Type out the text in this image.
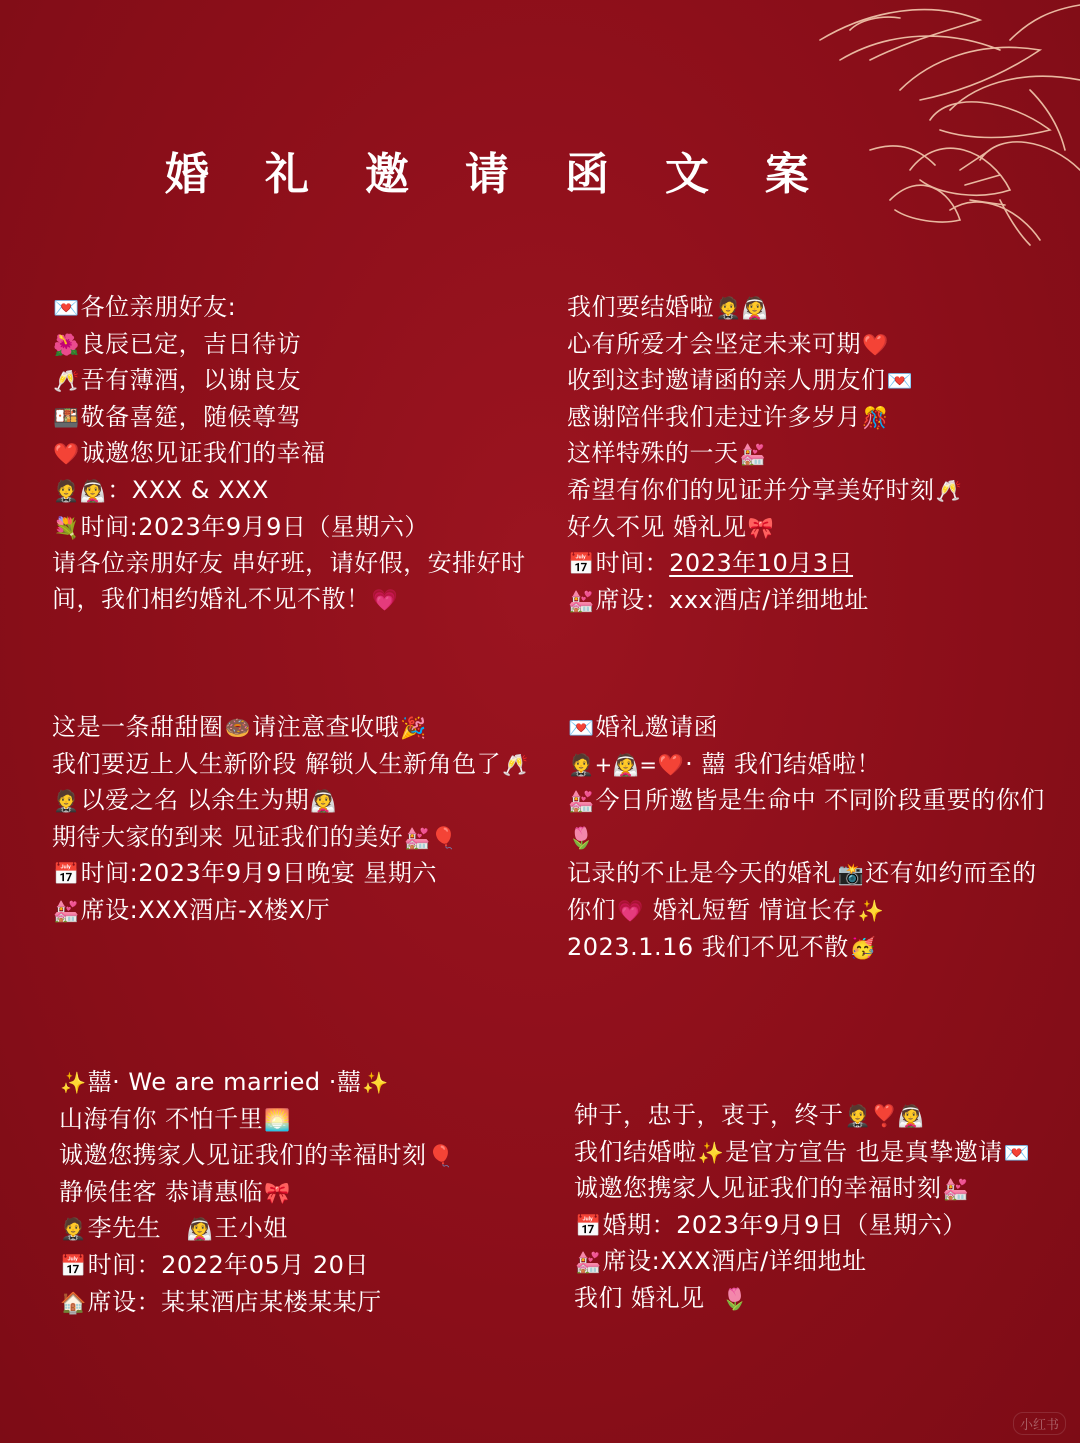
婚礼邀请函文案
💌各位亲朋好友:
🌺良辰已定，吉日待访
🥂吾有薄酒，以谢良友
🍱敬备喜筵，随候尊驾
❤️诚邀您见证我们的幸福
🤵👰：XXX & XXX
💐时间:2023年9月9日（星期六）
请各位亲朋好友 串好班，请好假，安排好时间，我们相约婚礼不见不散！💗
我们要结婚啦🤵👰
心有所爱才会坚定未来可期❤️
收到这封邀请函的亲人朋友们💌
感谢陪伴我们走过许多岁月🎊
这样特殊的一天💒
希望有你们的见证并分享美好时刻🥂
好久不见 婚礼见🎀
📅时间：2023年10月3日
💒席设：xxx酒店/详细地址
这是一条甜甜圈🍩请注意查收哦🎉
我们要迈上人生新阶段 解锁人生新角色了🥂
🤵以爱之名 以余生为期👰
期待大家的到来 见证我们的美好💒🎈
📅时间:2023年9月9日晚宴 星期六
💒席设:XXX酒店-X楼X厅
💌婚礼邀请函
🤵+👰=❤️· 囍 我们结婚啦！
💒今日所邀皆是生命中 不同阶段重要的你们🌷
记录的不止是今天的婚礼📸还有如约而至的你们💗 婚礼短暂 情谊长存✨
2023.1.16 我们不见不散🥳
✨囍· We are married ·囍✨
山海有你 不怕千里🌅
诚邀您携家人见证我们的幸福时刻🎈
静候佳客 恭请惠临🎀
🤵李先生 👰王小姐
📅时间：2022年05月 20日
🏠席设：某某酒店某楼某某厅
钟于，忠于，衷于，终于🤵❣️👰
我们结婚啦✨是官方宣告 也是真挚邀请💌
诚邀您携家人见证我们的幸福时刻💒
📅婚期：2023年9月9日（星期六）
💒席设:XXX酒店/详细地址
我们 婚礼见 🌷
小红书
